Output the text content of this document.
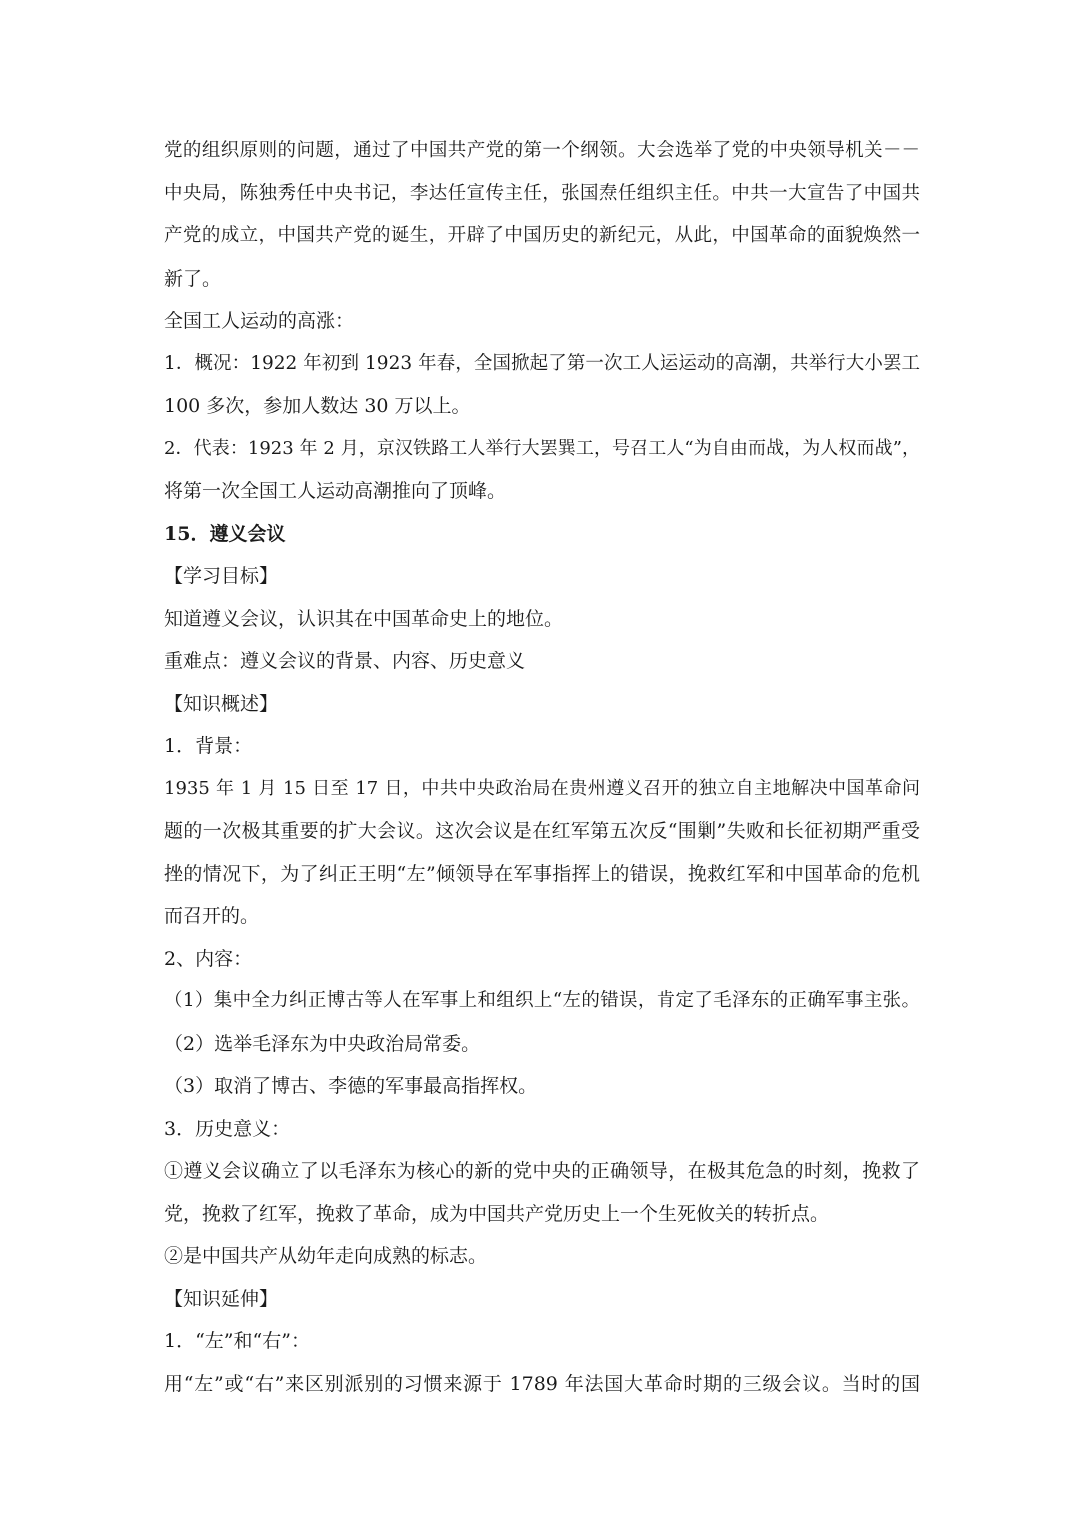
党的组织原则的问题，通过了中国共产党的第一个纲领。大会选举了党的中央领导机关－－
中央局，陈独秀任中央书记，李达任宣传主任，张国焘任组织主任。中共一大宣告了中国共
产党的成立，中国共产党的诞生，开辟了中国历史的新纪元，从此，中国革命的面貌焕然一
新了。
全国工人运动的高涨：
1．概况：1922 年初到 1923 年春，全国掀起了第一次工人运运动的高潮，共举行大小罢工
100 多次，参加人数达 30 万以上。
2．代表：1923 年 2 月，京汉铁路工人举行大罢巽工，号召工人“为自由而战，为人权而战”，
将第一次全国工人运动高潮推向了顶峰。
15．遵义会议
【学习目标】
知道遵义会议，认识其在中国革命史上的地位。
重难点：遵义会议的背景、内容、历史意义
【知识概述】
1．背景：
1935 年 1 月 15 日至 17 日，中共中央政治局在贵州遵义召开的独立自主地解决中国革命问
题的一次极其重要的扩大会议。这次会议是在红军第五次反“围剿”失败和长征初期严重受
挫的情况下，为了纠正王明“左”倾领导在军事指挥上的错误，挽救红军和中国革命的危机
而召开的。
2、内容：
（1）集中全力纠正博古等人在军事上和组织上“左的错误，肯定了毛泽东的正确军事主张。
（2）选举毛泽东为中央政治局常委。
（3）取消了博古、李德的军事最高指挥权。
3．历史意义：
①遵义会议确立了以毛泽东为核心的新的党中央的正确领导，在极其危急的时刻，挽救了
党，挽救了红军，挽救了革命，成为中国共产党历史上一个生死攸关的转折点。
②是中国共产从幼年走向成熟的标志。
【知识延伸】
1．“左”和“右”：
用“左”或“右”来区别派别的习惯来源于 1789 年法国大革命时期的三级会议。当时的国
